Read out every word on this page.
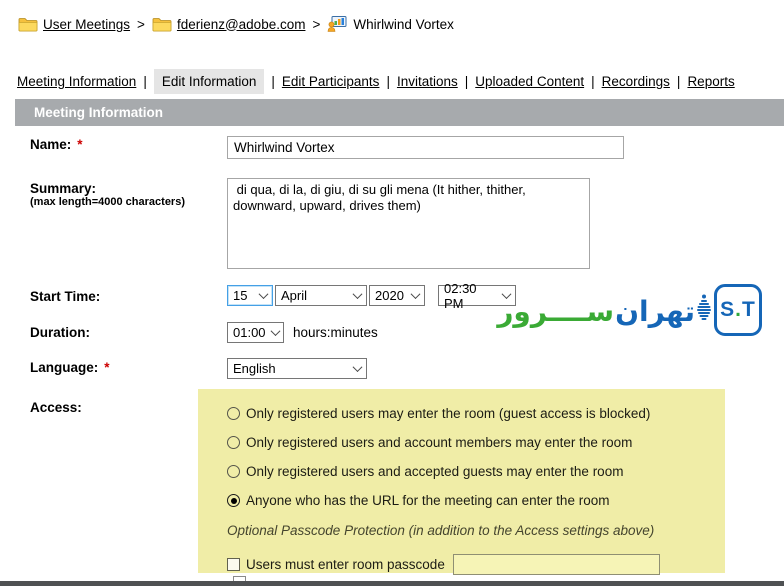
User Meetings > fderienz@adobe.com > Whirlwind Vortex
Meeting Information |	Edit Information	| Edit Participants | Invitations | Uploaded Content | Recordings | Reports
Meeting Information
Name: *
Whirlwind Vortex
Summary:
(max length=4000 characters)
di qua, di la, di giu, di su gli mena (It hither, thither, downward, upward, drives them)
Start Time:	15	April	2020	02:30 PM
Duration:	01:00 hours:minutes
Language: *	English
Access:	Only registered users may enter the room (guest access is blocked)
Only registered users and account members may enter the room
Only registered users and accepted guests may enter the room
Anyone who has the URL for the meeting can enter the room
Optional Passcode Protection (in addition to the Access settings above)
Users must enter room passcode
T
.
S
تهران
ســــرور
